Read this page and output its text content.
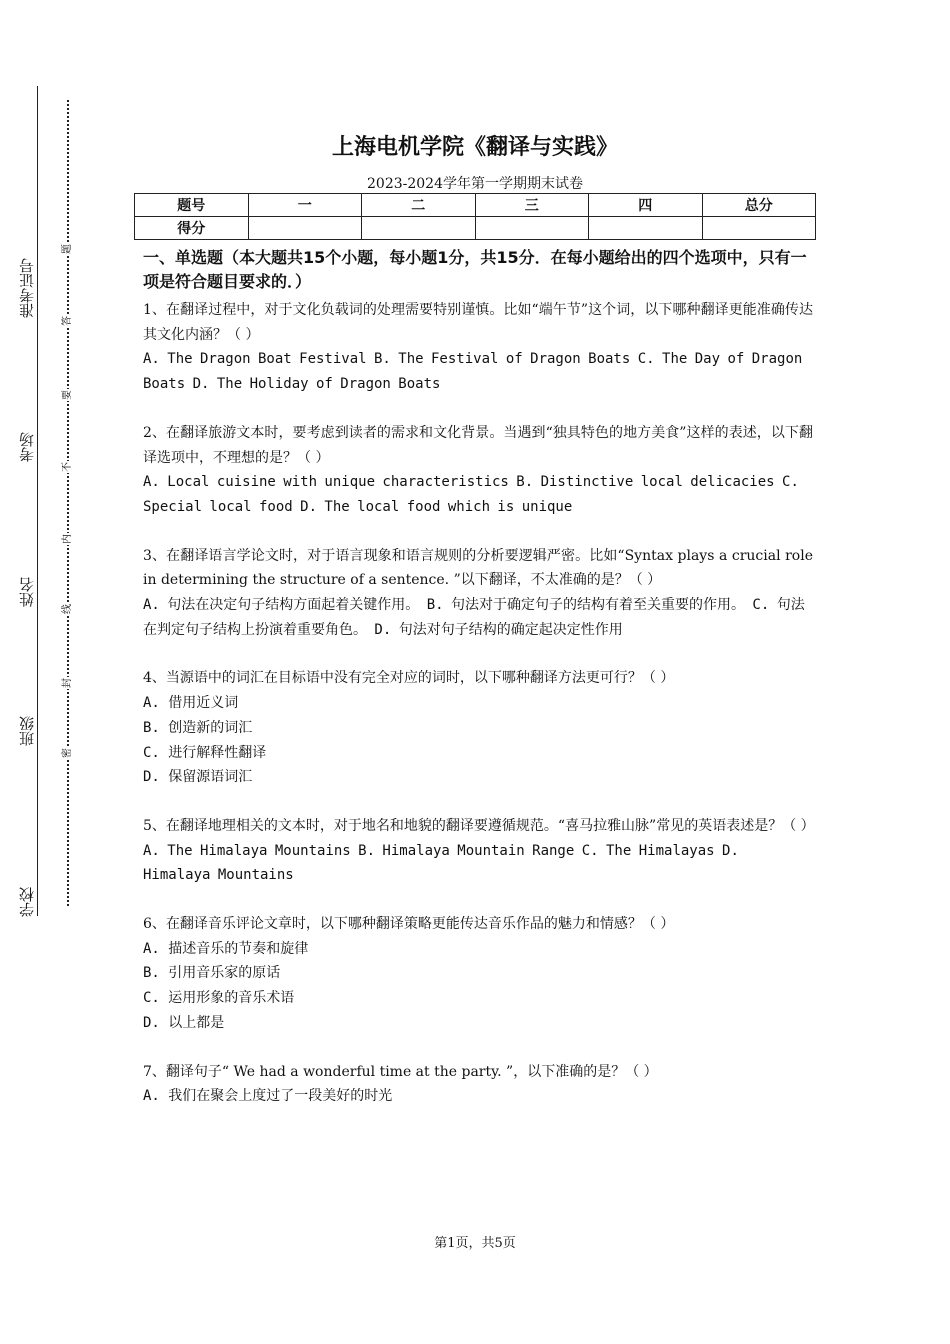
准考证号
考场
姓名
班级
学校
题
答
要
不
内
线
封
密
上海电机学院《翻译与实践》
2023-2024学年第一学期期末试卷
题号	一	二	三	四	总分
得分					

一、单选题（本大题共15个小题，每小题1分，共15分．在每小题给出的四个选项中，只有一项是符合题目要求的．）

1、在翻译过程中，对于文化负载词的处理需要特别谨慎。比如“端午节”这个词，以下哪种翻译更能准确传达其文化内涵？（ ）

A. The Dragon Boat Festival B. The Festival of Dragon Boats C. The Day of Dragon Boats D. The Holiday of Dragon Boats

2、在翻译旅游文本时，要考虑到读者的需求和文化背景。当遇到“独具特色的地方美食”这样的表述，以下翻译选项中，不理想的是？（ ）

A. Local cuisine with unique characteristics B. Distinctive local delicacies C. Special local food D. The local food which is unique

3、在翻译语言学论文时，对于语言现象和语言规则的分析要逻辑严密。比如“Syntax plays a crucial role in determining the structure of a sentence. ”以下翻译，不太准确的是？（ ）

A. 句法在决定句子结构方面起着关键作用。 B. 句法对于确定句子的结构有着至关重要的作用。 C. 句法在判定句子结构上扮演着重要角色。 D. 句法对句子结构的确定起决定性作用

4、当源语中的词汇在目标语中没有完全对应的词时，以下哪种翻译方法更可行？（ ）

A. 借用近义词

B. 创造新的词汇

C. 进行解释性翻译

D. 保留源语词汇

5、在翻译地理相关的文本时，对于地名和地貌的翻译要遵循规范。“喜马拉雅山脉”常见的英语表述是？（ ）

A. The Himalaya Mountains B. Himalaya Mountain Range C. The Himalayas D. Himalaya Mountains

6、在翻译音乐评论文章时，以下哪种翻译策略更能传达音乐作品的魅力和情感？（ ）

A. 描述音乐的节奏和旋律

B. 引用音乐家的原话

C. 运用形象的音乐术语

D. 以上都是

7、翻译句子“ We had a wonderful time at the party. ”，以下准确的是？（ ）

A. 我们在聚会上度过了一段美好的时光

第1页，共5页
